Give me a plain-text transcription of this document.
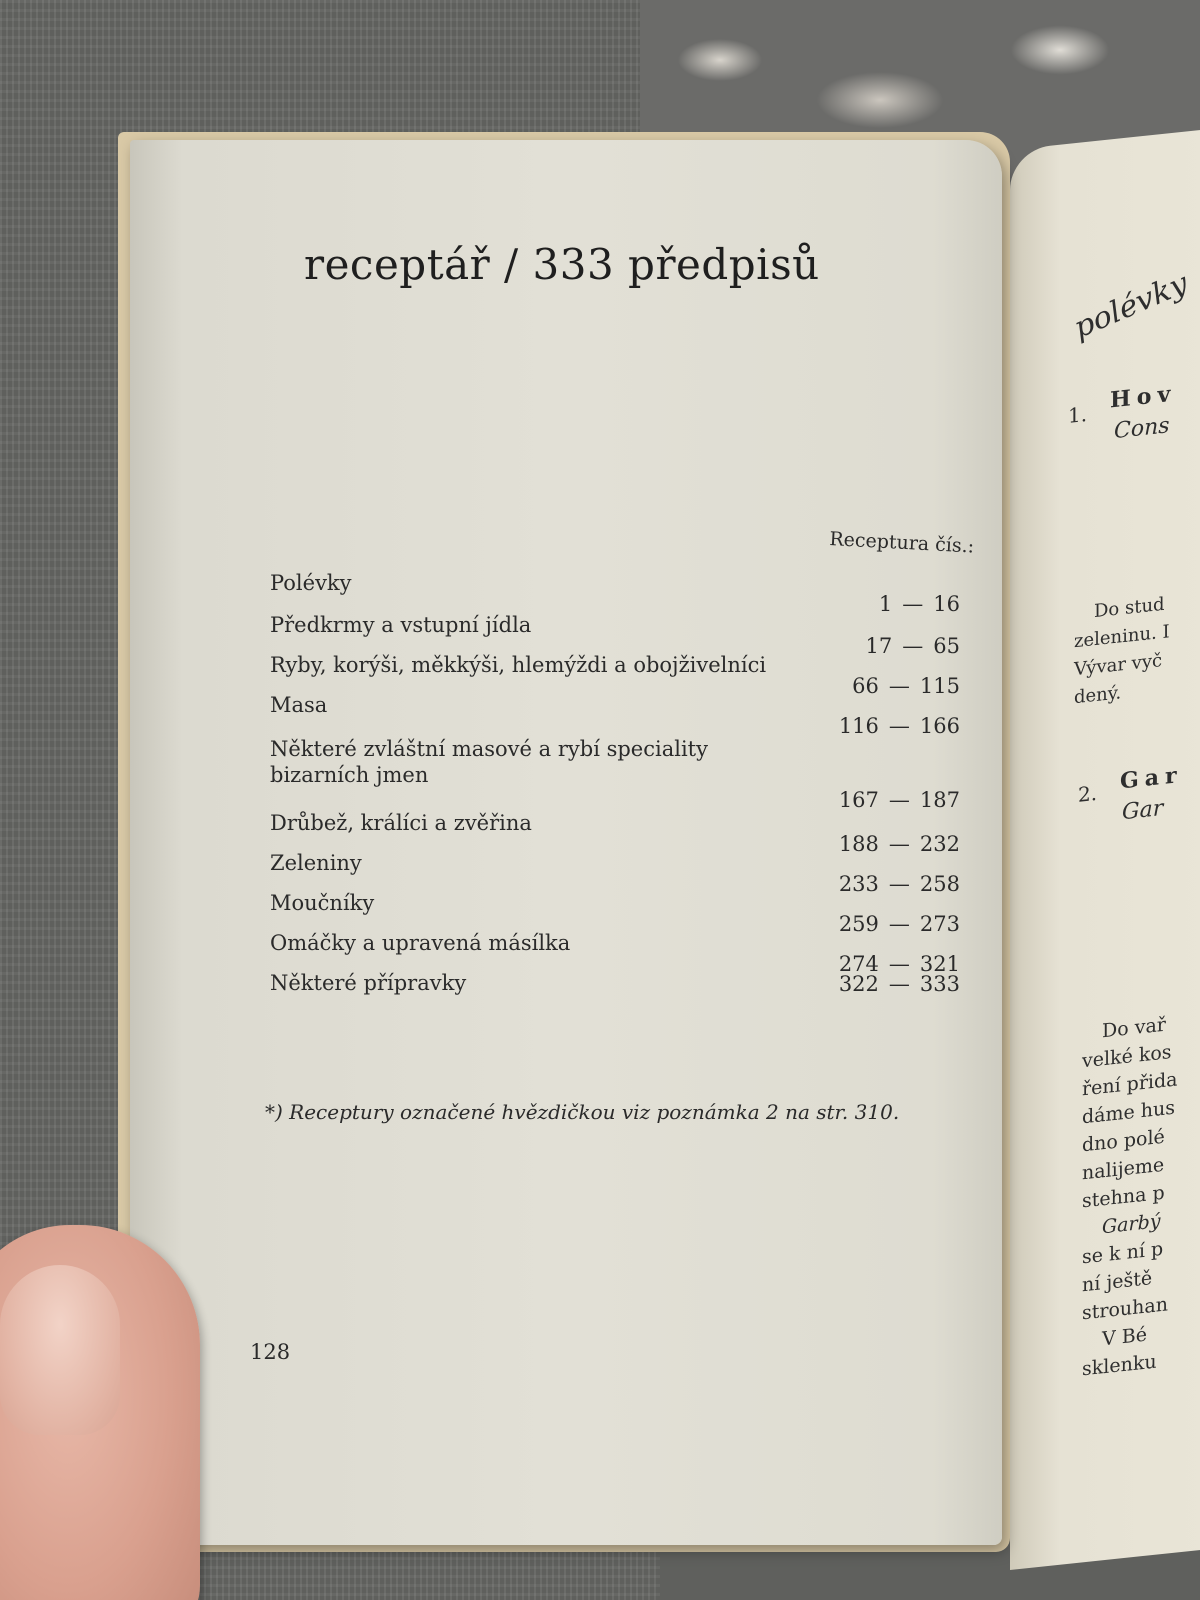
polévky
1.
Hov
Cons
Do stud
zeleninu. I
Vývar vyč
dený.
2. Gar
Gar
Do vař
velké kos
ření přida
dáme hus
dno polé
nalijeme
stehna p
Garbý
se k ní p
ní ještě
strouhan
V Bé
sklenku
receptář / 333 předpisů
Receptura čís.:
Polévky
1 — 16
Předkrmy a vstupní jídla
17 — 65
Ryby, korýši, měkkýši, hlemýždi a obojživelníci
66 — 115
Masa
116 — 166
Některé zvláštní masové a rybí speciality
bizarních jmen
167 — 187
Drůbež, králíci a zvěřina
188 — 232
Zeleniny
233 — 258
Moučníky
259 — 273
Omáčky a upravená másílka
274 — 321
Některé přípravky	322 — 333
*) Receptury označené hvězdičkou viz poznámka 2 na str. 310.
128
